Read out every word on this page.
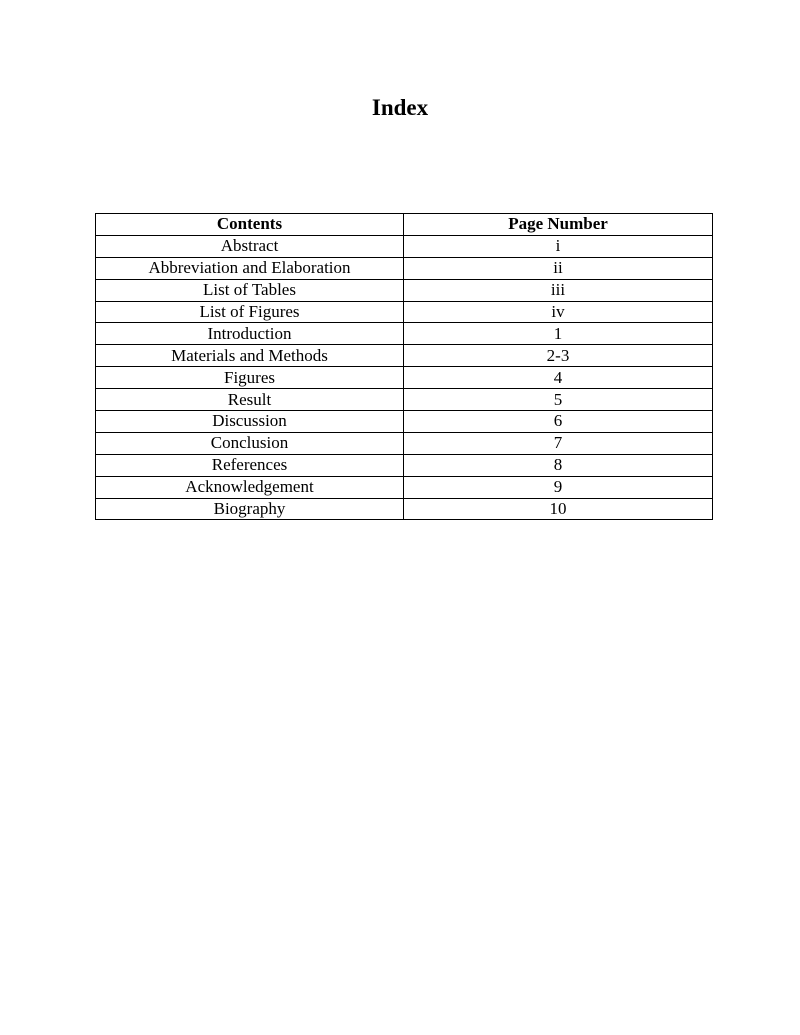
Index
Contents	Page Number
Abstract	i
Abbreviation and Elaboration	ii
List of Tables	iii
List of Figures	iv
Introduction	1
Materials and Methods	2-3
Figures	4
Result	5
Discussion	6
Conclusion	7
References	8
Acknowledgement	9
Biography	10
